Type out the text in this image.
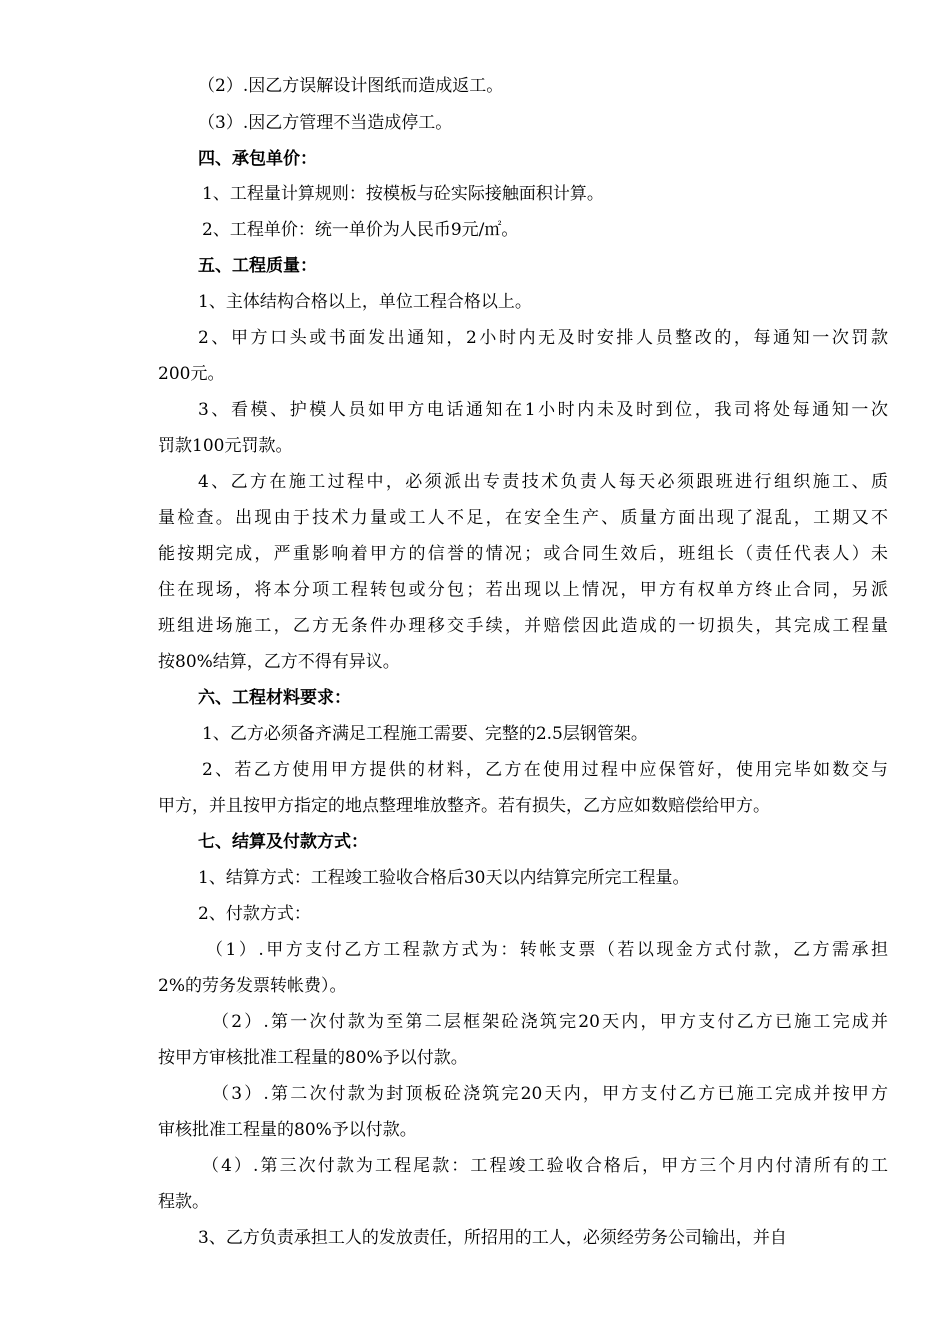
（2）.因乙方误解设计图纸而造成返工。
（3）.因乙方管理不当造成停工。
四、承包单价：
1、工程量计算规则：按模板与砼实际接触面积计算。
2、工程单价：统一单价为人民币9元/㎡。
五、工程质量：
1、主体结构合格以上，单位工程合格以上。
2、甲方口头或书面发出通知，2小时内无及时安排人员整改的，每通知一次罚款
200元。
3、看模、护模人员如甲方电话通知在1小时内未及时到位，我司将处每通知一次
罚款100元罚款。
4、乙方在施工过程中，必须派出专责技术负责人每天必须跟班进行组织施工、质
量检查。出现由于技术力量或工人不足，在安全生产、质量方面出现了混乱，工期又不
能按期完成，严重影响着甲方的信誉的情况；或合同生效后，班组长（责任代表人）未
住在现场，将本分项工程转包或分包；若出现以上情况，甲方有权单方终止合同，另派
班组进场施工，乙方无条件办理移交手续，并赔偿因此造成的一切损失，其完成工程量
按80%结算，乙方不得有异议。
六、工程材料要求：
1、乙方必须备齐满足工程施工需要、完整的2.5层钢管架。
2、若乙方使用甲方提供的材料，乙方在使用过程中应保管好，使用完毕如数交与
甲方，并且按甲方指定的地点整理堆放整齐。若有损失，乙方应如数赔偿给甲方。
七、结算及付款方式：
1、结算方式：工程竣工验收合格后30天以内结算完所完工程量。
2、付款方式：
（1）.甲方支付乙方工程款方式为：转帐支票（若以现金方式付款，乙方需承担
2%的劳务发票转帐费）。
（2）.第一次付款为至第二层框架砼浇筑完20天内，甲方支付乙方已施工完成并
按甲方审核批准工程量的80%予以付款。
（3）.第二次付款为封顶板砼浇筑完20天内，甲方支付乙方已施工完成并按甲方
审核批准工程量的80%予以付款。
（4）.第三次付款为工程尾款：工程竣工验收合格后，甲方三个月内付清所有的工
程款。
3、乙方负责承担工人的发放责任，所招用的工人，必须经劳务公司输出，并自
